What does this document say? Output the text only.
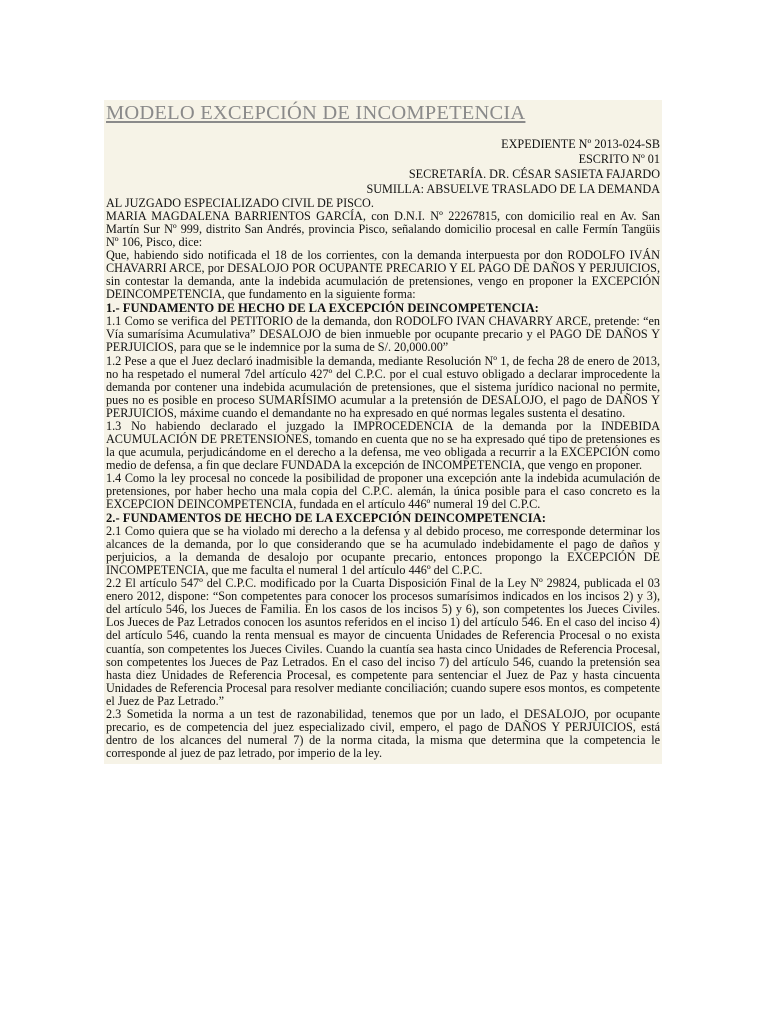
MODELO EXCEPCIÓN DE INCOMPETENCIA
EXPEDIENTE Nº 2013-024-SB
ESCRITO Nº 01
SECRETARÍA. DR. CÉSAR SASIETA FAJARDO
SUMILLA: ABSUELVE TRASLADO DE LA DEMANDA

AL JUZGADO ESPECIALIZADO CIVIL DE PISCO.

MARIA MAGDALENA BARRIENTOS GARCÍA, con D.N.I. Nº 22267815, con domicilio real en Av. San Martín Sur Nº 999, distrito San Andrés, provincia Pisco, señalando domicilio procesal en calle Fermín Tangüis Nº 106, Pisco, dice:

Que, habiendo sido notificada el 18 de los corrientes, con la demanda interpuesta por don RODOLFO IVÁN CHAVARRI ARCE, por DESALOJO POR OCUPANTE PRECARIO Y EL PAGO DE DAÑOS Y PERJUICIOS, sin contestar la demanda, ante la indebida acumulación de pretensiones, vengo en proponer la EXCEPCIÓN DEINCOMPETENCIA, que fundamento en la siguiente forma:

1.- FUNDAMENTO DE HECHO DE LA EXCEPCIÓN DEINCOMPETENCIA:

1.1 Como se verifica del PETITORIO de la demanda, don RODOLFO IVAN CHAVARRY ARCE, pretende: “en Vía sumarísima Acumulativa” DESALOJO de bien inmueble por ocupante precario y el PAGO DE DAÑOS Y PERJUICIOS, para que se le indemnice por la suma de S/. 20,000.00”

1.2 Pese a que el Juez declaró inadmisible la demanda, mediante Resolución Nº 1, de fecha 28 de enero de 2013, no ha respetado el numeral 7del artículo 427º del C.P.C. por el cual estuvo obligado a declarar improcedente la demanda por contener una indebida acumulación de pretensiones, que el sistema jurídico nacional no permite, pues no es posible en proceso SUMARÍSIMO acumular a la pretensión de DESALOJO, el pago de DAÑOS Y PERJUICIOS, máxime cuando el demandante no ha expresado en qué normas legales sustenta el desatino.

1.3 No habiendo declarado el juzgado la IMPROCEDENCIA de la demanda por la INDEBIDA ACUMULACIÓN DE PRETENSIONES, tomando en cuenta que no se ha expresado qué tipo de pretensiones es la que acumula, perjudicándome en el derecho a la defensa, me veo obligada a recurrir a la EXCEPCIÓN como medio de defensa, a fin que declare FUNDADA la excepción de INCOMPETENCIA, que vengo en proponer.

1.4 Como la ley procesal no concede la posibilidad de proponer una excepción ante la indebida acumulación de pretensiones, por haber hecho una mala copia del C.P.C. alemán, la única posible para el caso concreto es la EXCEPCION DEINCOMPETENCIA, fundada en el artículo 446º numeral 19 del C.P.C.

2.- FUNDAMENTOS DE HECHO DE LA EXCEPCIÓN DEINCOMPETENCIA:

2.1 Como quiera que se ha violado mi derecho a la defensa y al debido proceso, me corresponde determinar los alcances de la demanda, por lo que considerando que se ha acumulado indebidamente el pago de daños y perjuicios, a la demanda de desalojo por ocupante precario, entonces propongo la EXCEPCIÓN DE INCOMPETENCIA, que me faculta el numeral 1 del artículo 446º del C.P.C.

2.2 El artículo 547º del C.P.C. modificado por la Cuarta Disposición Final de la Ley Nº 29824, publicada el 03 enero 2012, dispone: “Son competentes para conocer los procesos sumarísimos indicados en los incisos 2) y 3), del artículo 546, los Jueces de Familia. En los casos de los incisos 5) y 6), son competentes los Jueces Civiles. Los Jueces de Paz Letrados conocen los asuntos referidos en el inciso 1) del artículo 546. En el caso del inciso 4) del artículo 546, cuando la renta mensual es mayor de cincuenta Unidades de Referencia Procesal o no exista cuantía, son competentes los Jueces Civiles. Cuando la cuantía sea hasta cinco Unidades de Referencia Procesal, son competentes los Jueces de Paz Letrados. En el caso del inciso 7) del artículo 546, cuando la pretensión sea hasta diez Unidades de Referencia Procesal, es competente para sentenciar el Juez de Paz y hasta cincuenta Unidades de Referencia Procesal para resolver mediante conciliación; cuando supere esos montos, es competente el Juez de Paz Letrado.”

2.3 Sometida la norma a un test de razonabilidad, tenemos que por un lado, el DESALOJO, por ocupante precario, es de competencia del juez especializado civil, empero, el pago de DAÑOS Y PERJUICIOS, está dentro de los alcances del numeral 7) de la norma citada, la misma que determina que la competencia le corresponde al juez de paz letrado, por imperio de la ley.
